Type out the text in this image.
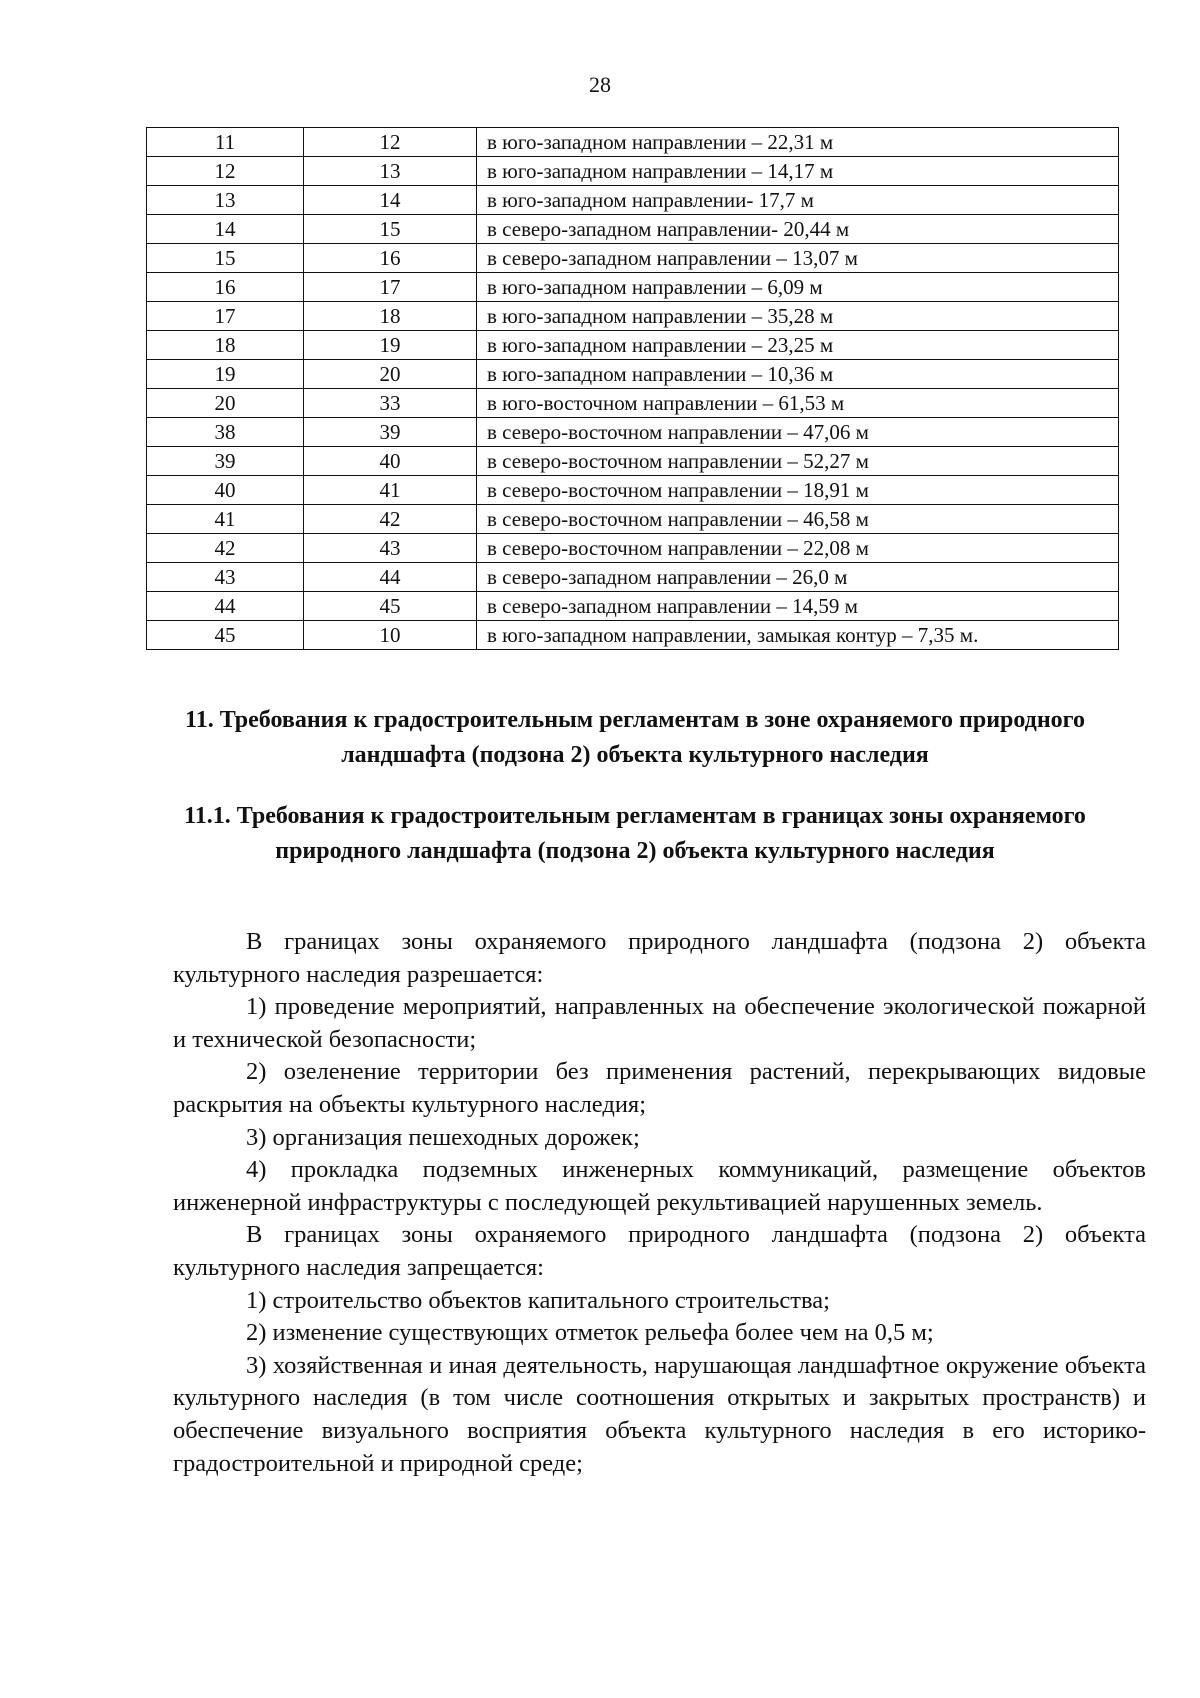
28
11	12	в юго-западном направлении – 22,31 м
12	13	в юго-западном направлении – 14,17 м
13	14	в юго-западном направлении- 17,7 м
14	15	в северо-западном направлении- 20,44 м
15	16	в северо-западном направлении – 13,07 м
16	17	в юго-западном направлении – 6,09 м
17	18	в юго-западном направлении – 35,28 м
18	19	в юго-западном направлении – 23,25 м
19	20	в юго-западном направлении – 10,36 м
20	33	в юго-восточном направлении – 61,53 м
38	39	в северо-восточном направлении – 47,06 м
39	40	в северо-восточном направлении – 52,27 м
40	41	в северо-восточном направлении – 18,91 м
41	42	в северо-восточном направлении – 46,58 м
42	43	в северо-восточном направлении – 22,08 м
43	44	в северо-западном направлении – 26,0 м
44	45	в северо-западном направлении – 14,59 м
45	10	в юго-западном направлении, замыкая контур – 7,35 м.
11. Требования к градостроительным регламентам в зоне охраняемого природного ландшафта (подзона 2) объекта культурного наследия
11.1. Требования к градостроительным регламентам в границах зоны охраняемого природного ландшафта (подзона 2) объекта культурного наследия

В границах зоны охраняемого природного ландшафта (подзона 2) объекта культурного наследия разрешается:

1) проведение мероприятий, направленных на обеспечение экологической пожарной и технической безопасности;

2) озеленение территории без применения растений, перекрывающих видовые раскрытия на объекты культурного наследия;

3) организация пешеходных дорожек;

4) прокладка подземных инженерных коммуникаций, размещение объектов инженерной инфраструктуры с последующей рекультивацией нарушенных земель.

В границах зоны охраняемого природного ландшафта (подзона 2) объекта культурного наследия запрещается:

1) строительство объектов капитального строительства;

2) изменение существующих отметок рельефа более чем на 0,5 м;

3) хозяйственная и иная деятельность, нарушающая ландшафтное окружение объекта культурного наследия (в том числе соотношения открытых и закрытых пространств) и обеспечение визуального восприятия объекта культурного наследия в его историко-градостроительной и природной среде;
